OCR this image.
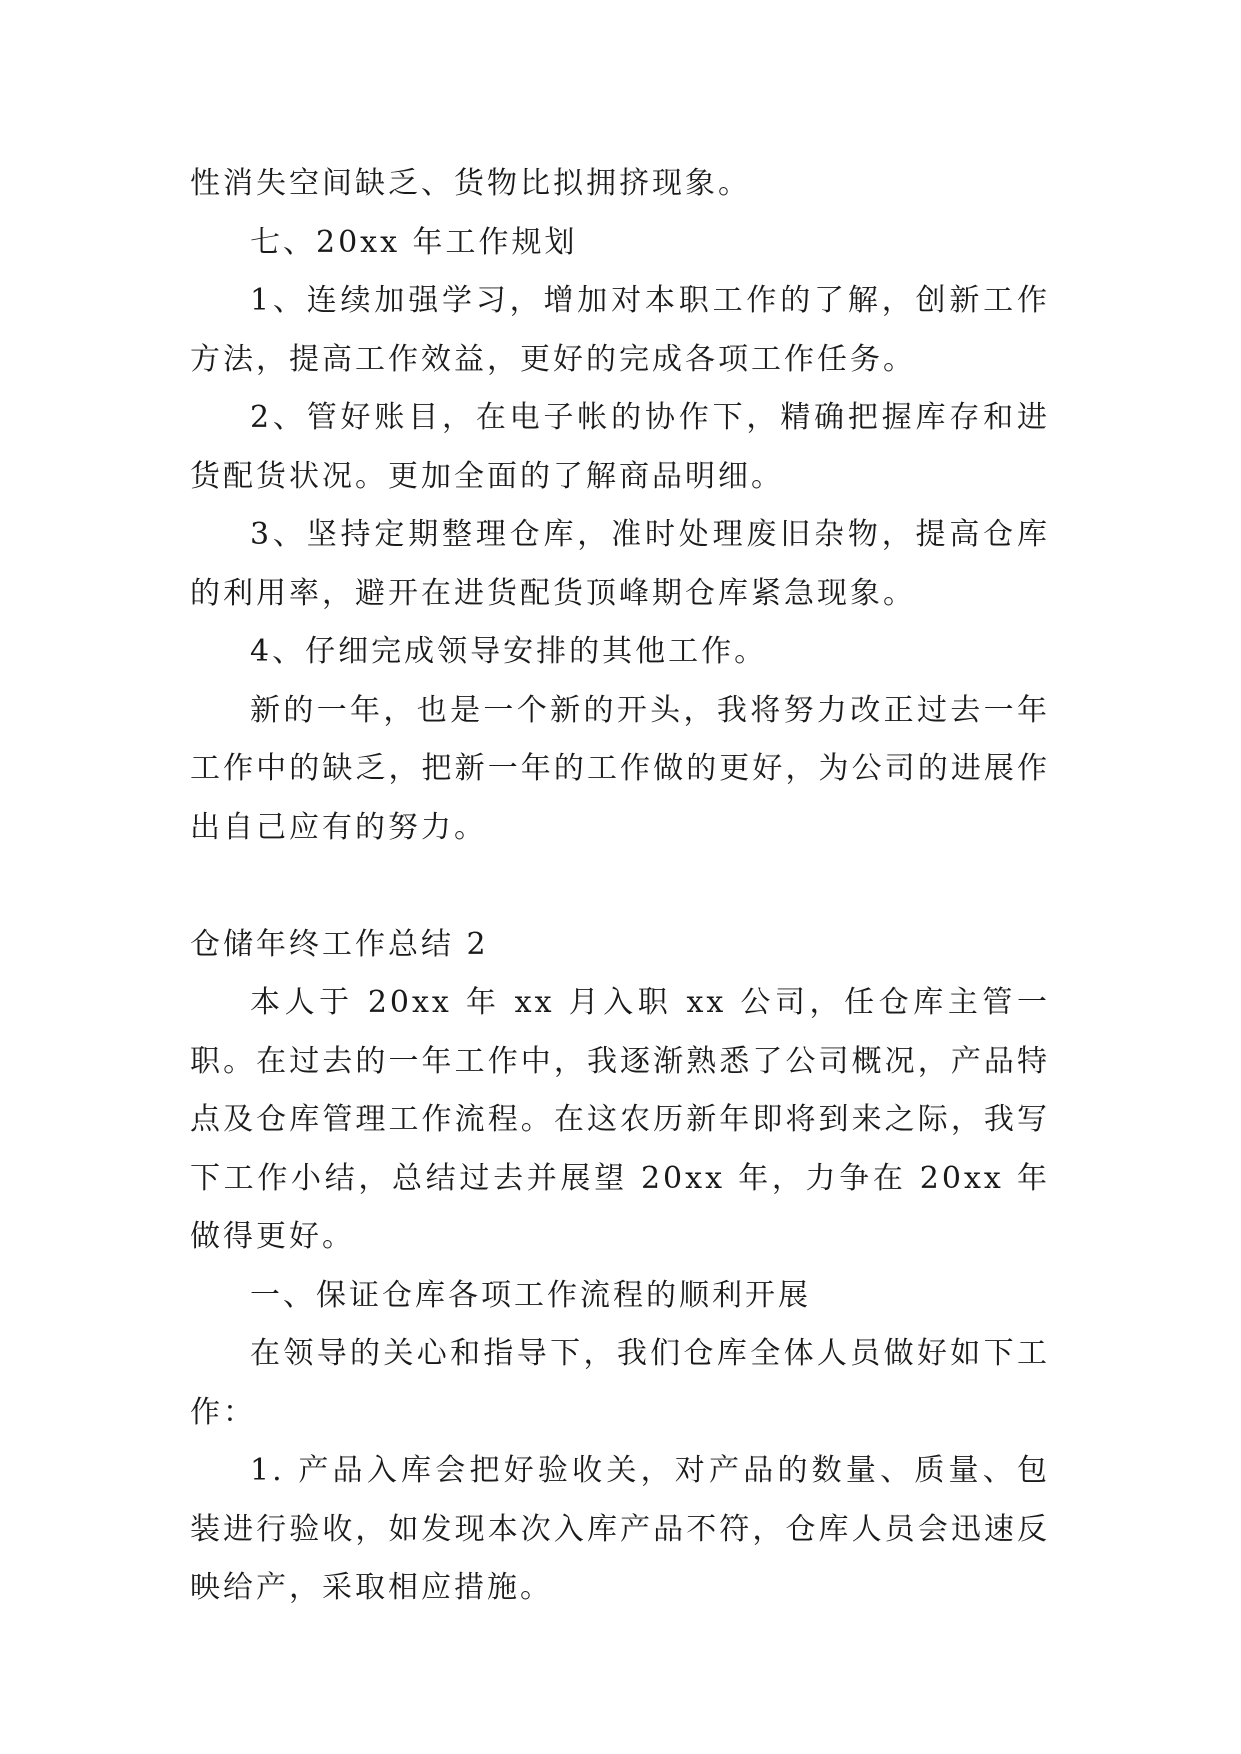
性消失空间缺乏、货物比拟拥挤现象。

七、20xx 年工作规划

1、连续加强学习，增加对本职工作的了解，创新工作方法，提高工作效益，更好的完成各项工作任务。

2、管好账目，在电子帐的协作下，精确把握库存和进货配货状况。更加全面的了解商品明细。

3、坚持定期整理仓库，准时处理废旧杂物，提高仓库的利用率，避开在进货配货顶峰期仓库紧急现象。

4、仔细完成领导安排的其他工作。

新的一年，也是一个新的开头，我将努力改正过去一年工作中的缺乏，把新一年的工作做的更好，为公司的进展作出自己应有的努力。

仓储年终工作总结 2

本人于 20xx 年 xx 月入职 xx 公司，任仓库主管一职。在过去的一年工作中，我逐渐熟悉了公司概况，产品特点及仓库管理工作流程。在这农历新年即将到来之际，我写下工作小结，总结过去并展望 20xx 年，力争在 20xx 年做得更好。

一、保证仓库各项工作流程的顺利开展

在领导的关心和指导下，我们仓库全体人员做好如下工作：

1. 产品入库会把好验收关，对产品的数量、质量、包装进行验收，如发现本次入库产品不符，仓库人员会迅速反映给产，采取相应措施。
